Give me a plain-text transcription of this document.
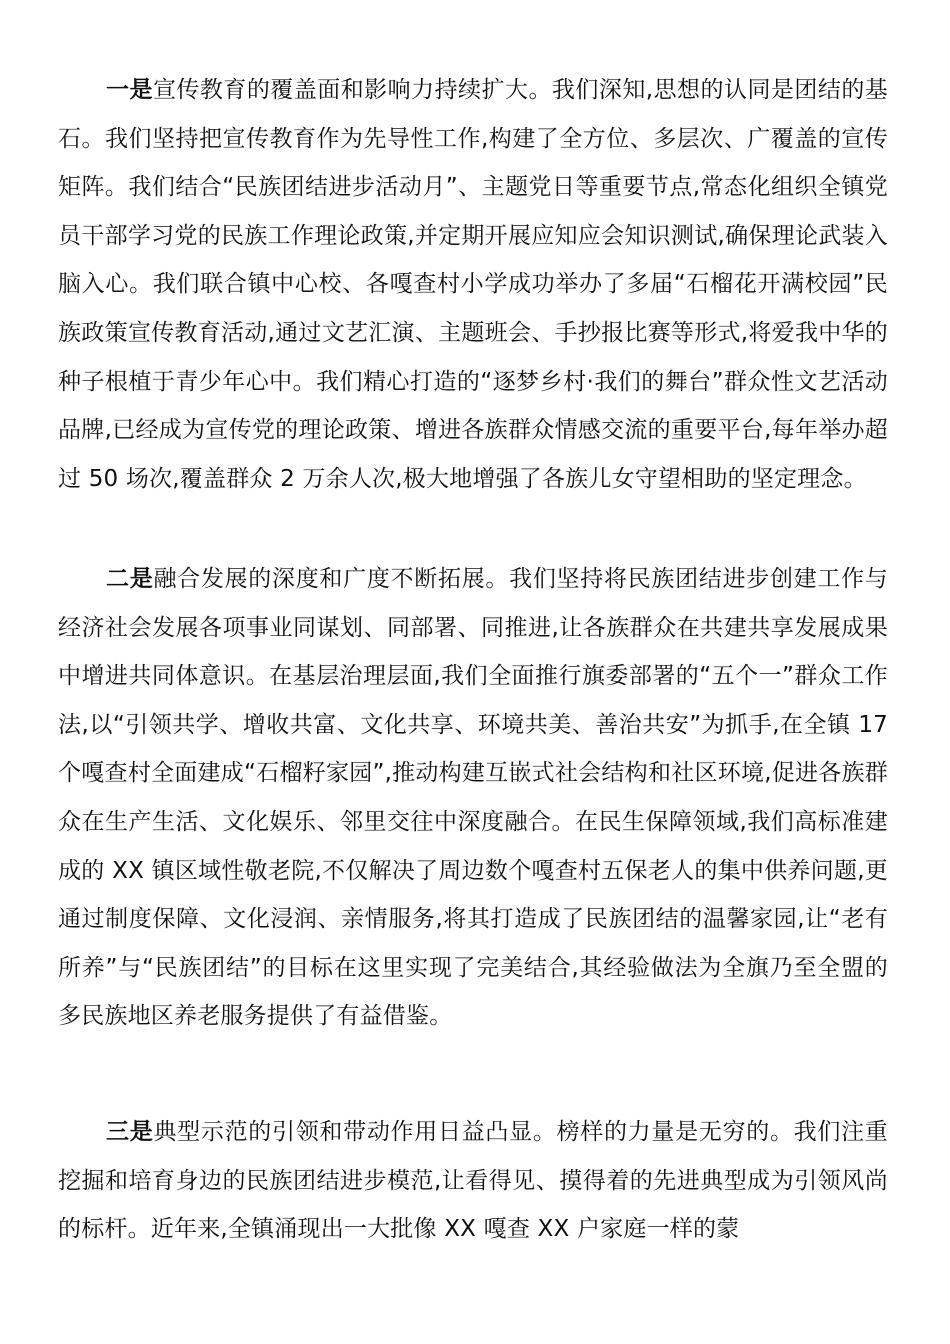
一是宣传教育的覆盖面和影响力持续扩大。我们深知,思想的认同是团结的基石。我们坚持把宣传教育作为先导性工作,构建了全方位、多层次、广覆盖的宣传矩阵。我们结合“民族团结进步活动月”、主题党日等重要节点,常态化组织全镇党员干部学习党的民族工作理论政策,并定期开展应知应会知识测试,确保理论武装入脑入心。我们联合镇中心校、各嘎查村小学成功举办了多届“石榴花开满校园”民族政策宣传教育活动,通过文艺汇演、主题班会、手抄报比赛等形式,将爱我中华的种子根植于青少年心中。我们精心打造的“逐梦乡村·我们的舞台”群众性文艺活动品牌,已经成为宣传党的理论政策、增进各族群众情感交流的重要平台,每年举办超过 50 场次,覆盖群众 2 万余人次,极大地增强了各族儿女守望相助的坚定理念。

二是融合发展的深度和广度不断拓展。我们坚持将民族团结进步创建工作与经济社会发展各项事业同谋划、同部署、同推进,让各族群众在共建共享发展成果中增进共同体意识。在基层治理层面,我们全面推行旗委部署的“五个一”群众工作法,以“引领共学、增收共富、文化共享、环境共美、善治共安”为抓手,在全镇 17 个嘎查村全面建成“石榴籽家园”,推动构建互嵌式社会结构和社区环境,促进各族群众在生产生活、文化娱乐、邻里交往中深度融合。在民生保障领域,我们高标准建成的 XX 镇区域性敬老院,不仅解决了周边数个嘎查村五保老人的集中供养问题,更通过制度保障、文化浸润、亲情服务,将其打造成了民族团结的温馨家园,让“老有所养”与“民族团结”的目标在这里实现了完美结合,其经验做法为全旗乃至全盟的多民族地区养老服务提供了有益借鉴。

三是典型示范的引领和带动作用日益凸显。榜样的力量是无穷的。我们注重挖掘和培育身边的民族团结进步模范,让看得见、摸得着的先进典型成为引领风尚的标杆。近年来,全镇涌现出一大批像 XX 嘎查 XX 户家庭一样的蒙
